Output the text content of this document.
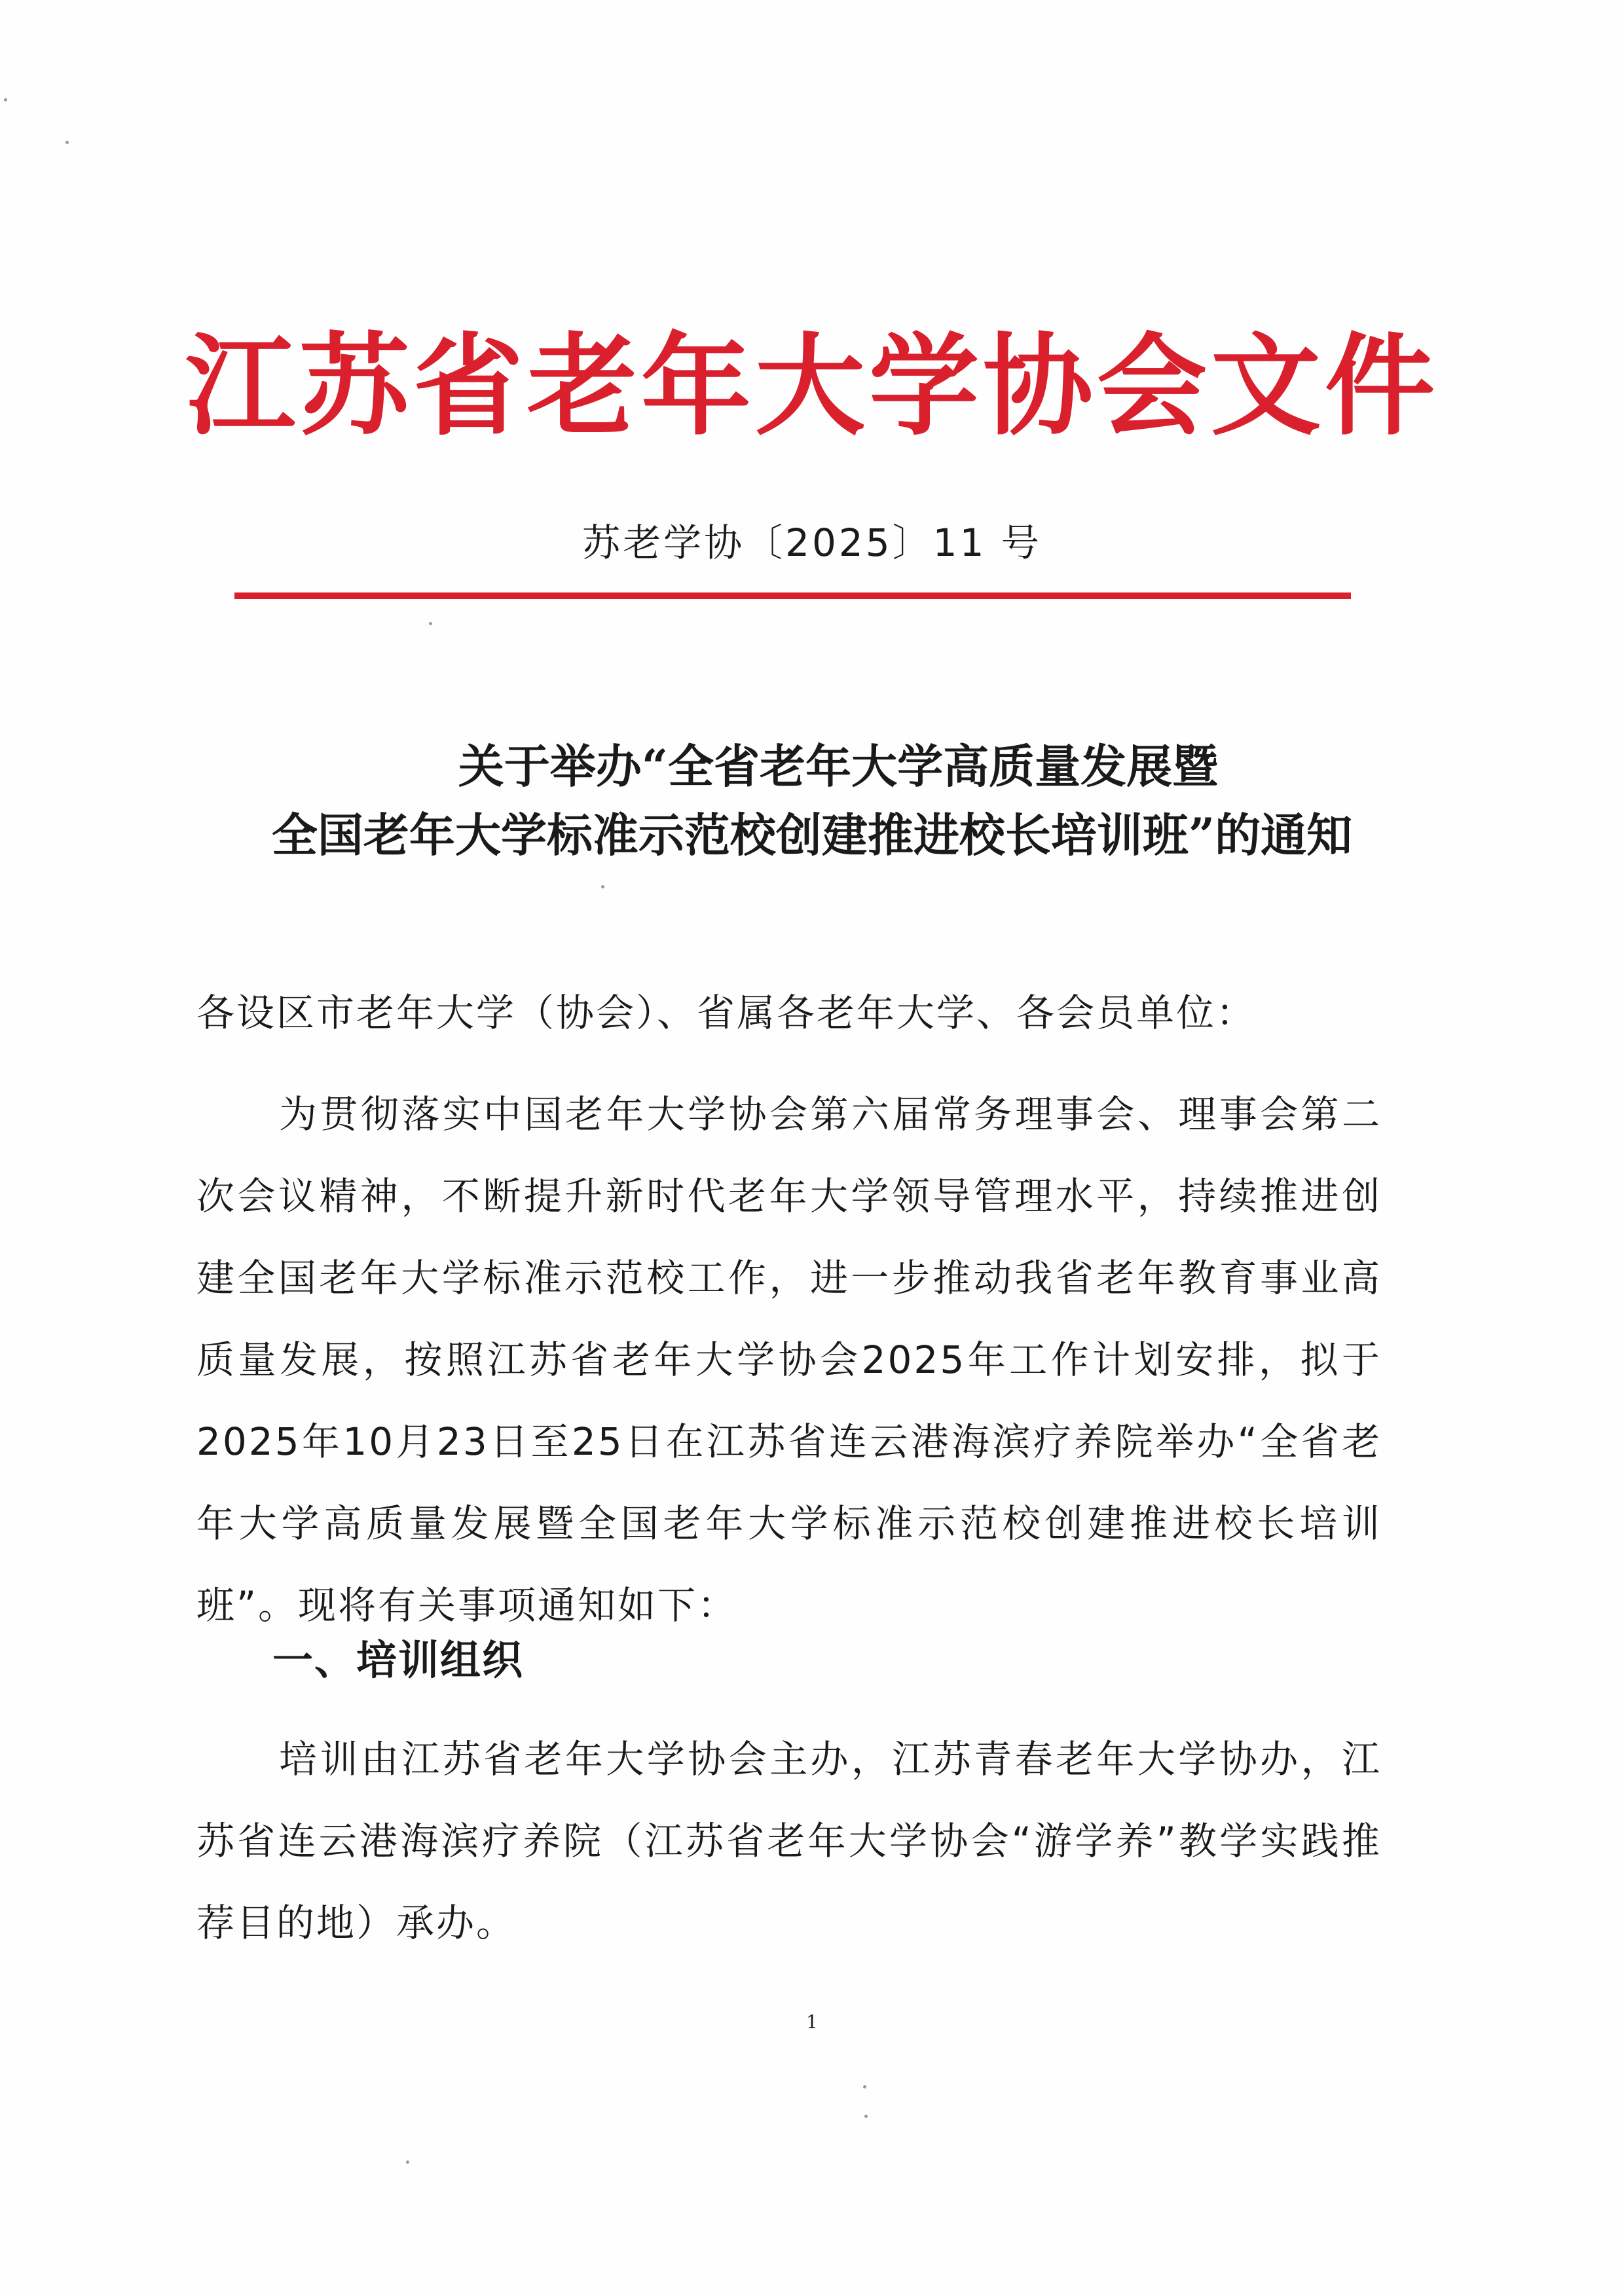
江苏省老年大学协会文件
苏老学协〔2025〕11 号
关于举办“全省老年大学高质量发展暨
全国老年大学标准示范校创建推进校长培训班”的通知
各设区市老年大学（协会）、省属各老年大学、各会员单位：
为贯彻落实中国老年大学协会第六届常务理事会、理事会第二次会议精神，不断提升新时代老年大学领导管理水平，持续推进创建全国老年大学标准示范校工作，进一步推动我省老年教育事业高质量发展，按照江苏省老年大学协会2025年工作计划安排，拟于2025年10月23日至25日在江苏省连云港海滨疗养院举办“全省老年大学高质量发展暨全国老年大学标准示范校创建推进校长培训班”。现将有关事项通知如下：
一、培训组织
培训由江苏省老年大学协会主办，江苏青春老年大学协办，江苏省连云港海滨疗养院（江苏省老年大学协会“游学养”教学实践推荐目的地）承办。
1
